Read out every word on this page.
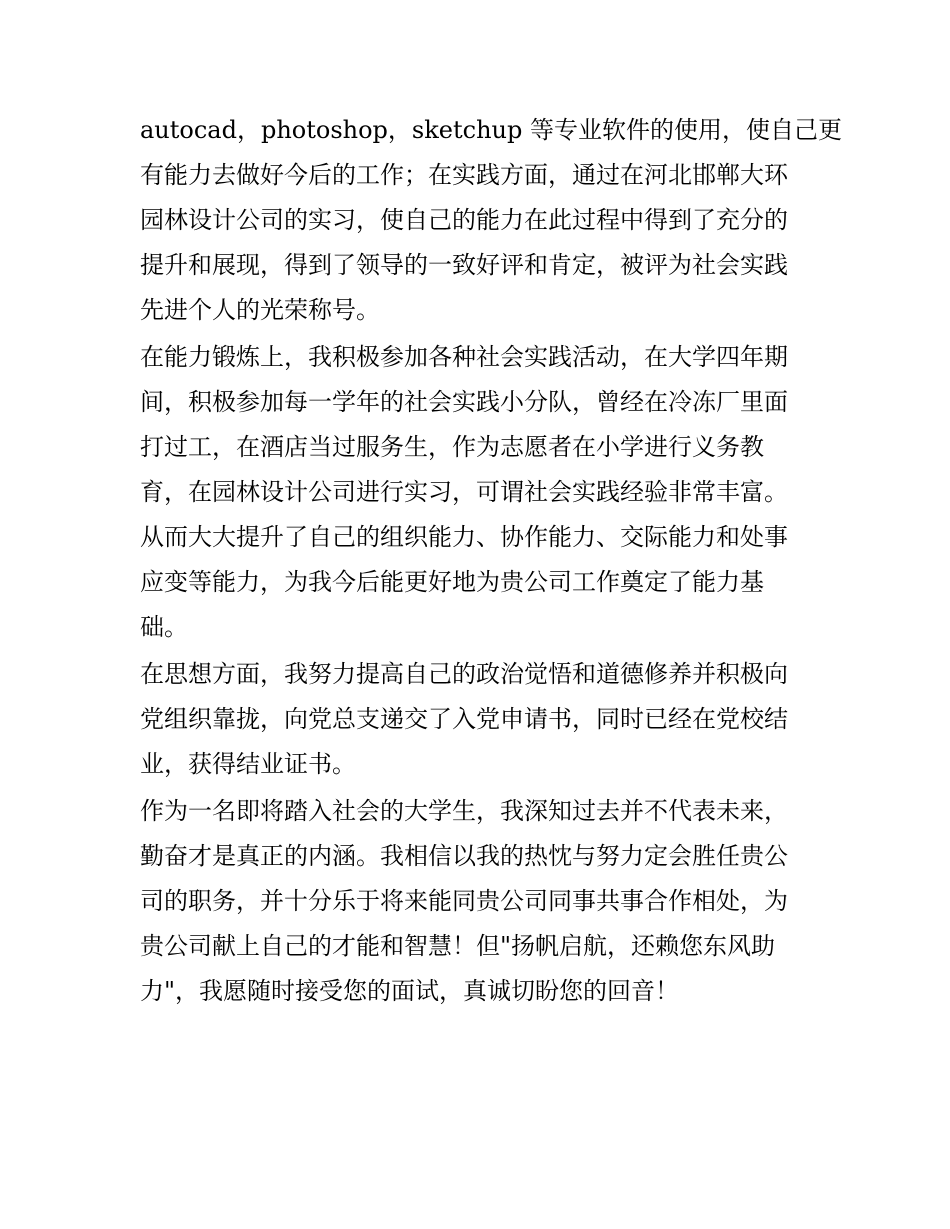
autocad，photoshop，sketchup 等专业软件的使用，使自己更
有能力去做好今后的工作；在实践方面，通过在河北邯郸大环
园林设计公司的实习，使自己的能力在此过程中得到了充分的
提升和展现，得到了领导的一致好评和肯定，被评为社会实践
先进个人的光荣称号。

在能力锻炼上，我积极参加各种社会实践活动，在大学四年期
间，积极参加每一学年的社会实践小分队，曾经在冷冻厂里面
打过工，在酒店当过服务生，作为志愿者在小学进行义务教
育，在园林设计公司进行实习，可谓社会实践经验非常丰富。
从而大大提升了自己的组织能力、协作能力、交际能力和处事
应变等能力，为我今后能更好地为贵公司工作奠定了能力基
础。

在思想方面，我努力提高自己的政治觉悟和道德修养并积极向
党组织靠拢，向党总支递交了入党申请书，同时已经在党校结
业，获得结业证书。

作为一名即将踏入社会的大学生，我深知过去并不代表未来，
勤奋才是真正的内涵。我相信以我的热忱与努力定会胜任贵公
司的职务，并十分乐于将来能同贵公司同事共事合作相处，为
贵公司献上自己的才能和智慧！但"扬帆启航，还赖您东风助
力"，我愿随时接受您的面试，真诚切盼您的回音！
